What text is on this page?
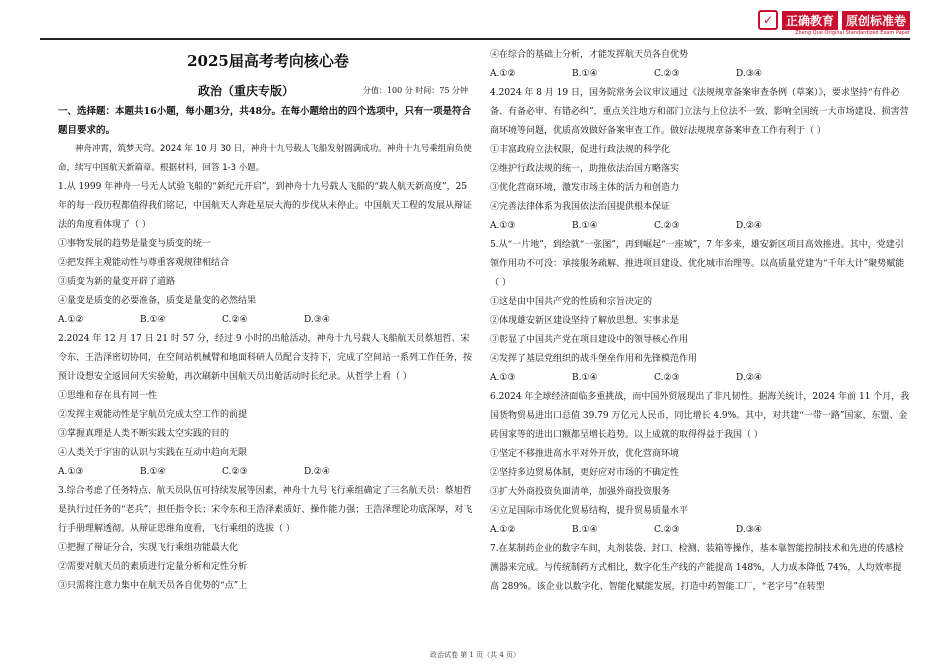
✓	正确教育	原创标准卷
Zheng Que Original Standardized Exam Paper
2025届高考考向核心卷
政治（重庆专版）	分值：100 分 时间：75 分钟
一、选择题：本题共16小题，每小题3分，共48分。在每小题给出的四个选项中，只有一项是符合题目要求的。
神舟冲霄，筑梦天穹。2024 年 10 月 30 日，神舟十九号载人飞船发射圆满成功。神舟十九号乘组肩负使命，续写中国航天新篇章。根据材料，回答 1-3 小题。
1.从 1999 年神舟一号无人试验飞船的“新纪元开启”，到神舟十九号载人飞船的“载人航天新高度”，25 年的每一段历程都值得我们铭记，中国航天人奔赴星辰大海的步伐从未停止。中国航天工程的发展从辩证法的角度看体现了（ ）
①事物发展的趋势是量变与质变的统一
②把发挥主观能动性与尊重客观规律相结合
③质变为新的量变开辟了道路
④量变是质变的必要准备，质变是量变的必然结果
A.①②	B.①④	C.②④	D.③④
2.2024 年 12 月 17 日 21 时 57 分，经过 9 小时的出舱活动，神舟十九号载人飞船航天员蔡旭哲、宋令东、王浩泽密切协同，在空间站机械臂和地面科研人员配合支持下，完成了空间站一系列工作任务，按预计设想安全返回问天实验舱，再次刷新中国航天员出舱活动时长纪录。从哲学上看（ ）
①思维和存在具有同一性
②发挥主观能动性是宇航员完成太空工作的前提
③掌握真理是人类不断实践太空实践的目的
④人类关于宇宙的认识与实践在互动中趋向无限
A.①③	B.①④	C.②③	D.②④
3.综合考虑了任务特点、航天员队伍可持续发展等因素，神舟十九号飞行乘组确定了三名航天员：蔡旭哲是执行过任务的“老兵”，担任指令长；宋令东和王浩泽素质好、操作能力强；王浩泽理论功底深厚，对飞行手册理解透彻。从辩证思维角度看，飞行乘组的选拔（ ）
①把握了辩证分合，实现飞行乘组功能最大化
②需要对航天员的素质进行定量分析和定性分析
③只需将注意力集中在航天员各自优势的“点”上
④在综合的基础上分析，才能发挥航天员各自优势
A.①②	B.①④	C.②③	D.③④
4.2024 年 8 月 19 日，国务院常务会议审议通过《法规规章备案审查条例（草案）》，要求坚持“有件必备、有备必审、有错必纠”，重点关注地方和部门立法与上位法不一致、影响全国统一大市场建设、损害营商环境等问题，优质高效做好备案审查工作。做好法规规章备案审查工作有利于（ ）
①丰富政府立法权限，促进行政法规的科学化
②维护行政法规的统一，助推依法治国方略落实
③优化营商环境，激发市场主体的活力和创造力
④完善法律体系为我国依法治国提供根本保证
A.①③	B.①④	C.②③	D.②④
5.从“一片地”，到绘就“一张图”，再到崛起“一座城”，7 年多来，雄安新区项目高效推进。其中，党建引领作用功不可没：承接服务疏解、推进项目建设、优化城市治理等。以高质量党建为“千年大计”聚势赋能（ ）
①这是由中国共产党的性质和宗旨决定的
②体现雄安新区建设坚持了解放思想、实事求是
③彰显了中国共产党在项目建设中的领导核心作用
④发挥了基层党组织的战斗堡垒作用和先锋模范作用
A.①③	B.①④	C.②③	D.②④
6.2024 年全球经济面临多重挑战，而中国外贸展现出了非凡韧性。据海关统计，2024 年前 11 个月，我国货物贸易进出口总值 39.79 万亿元人民币，同比增长 4.9%。其中，对共建“一带一路”国家、东盟、金砖国家等的进出口额都呈增长趋势。以上成就的取得得益于我国（ ）
①坚定不移推进高水平对外开放，优化营商环境
②坚持多边贸易体制，更好应对市场的不确定性
③扩大外商投资负面清单，加强外商投资服务
④立足国际市场优化贸易结构，提升贸易质量水平
A.①②	B.①④	C.②③	D.③④
7.在某制药企业的数字车间，丸剂装袋、封口、检测、装箱等操作，基本靠智能控制技术和先进的传感检测器来完成。与传统制药方式相比，数字化生产线的产能提高 148%，人力成本降低 74%，人均效率提高 289%。该企业以数字化、智能化赋能发展，打造中药智能工厂，“老字号”在转型
政治试卷 第 1 页（共 4 页）
